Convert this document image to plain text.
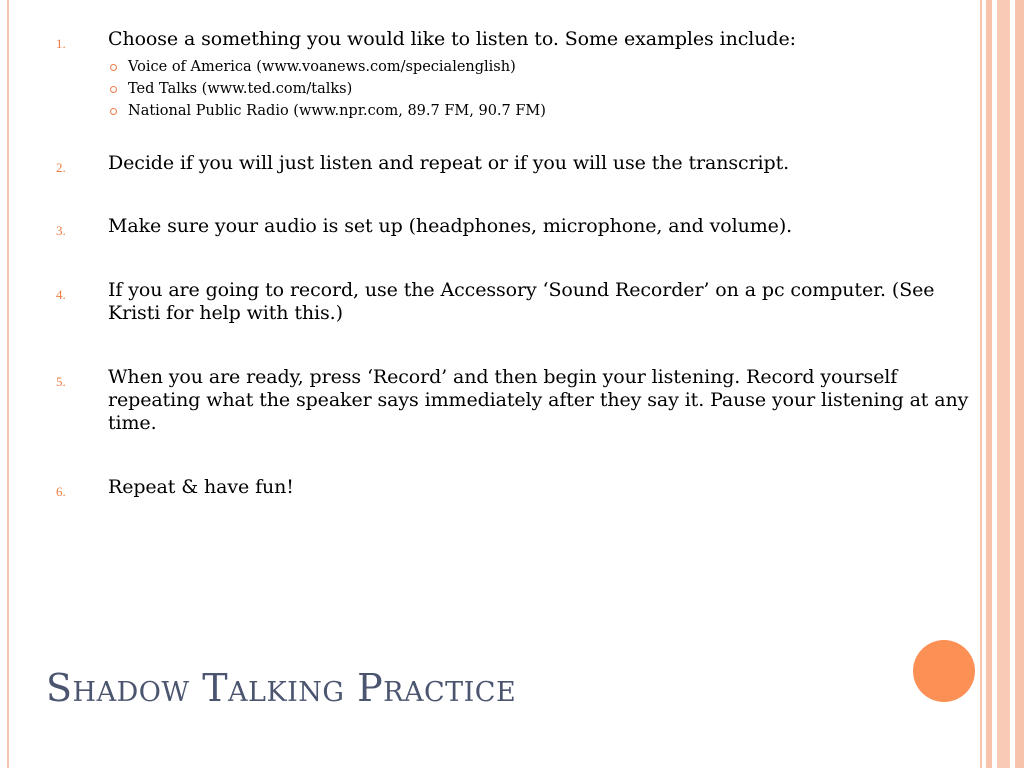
1. Choose a something you would like to listen to. Some examples include:
Voice of America (www.voanews.com/specialenglish)
Ted Talks (www.ted.com/talks)
National Public Radio (www.npr.com, 89.7 FM, 90.7 FM)
2. Decide if you will just listen and repeat or if you will use the transcript.
3. Make sure your audio is set up (headphones, microphone, and volume).
4. If you are going to record, use the Accessory ‘Sound Recorder’ on a pc computer. (See Kristi for help with this.)
5. When you are ready, press ‘Record’ and then begin your listening. Record yourself repeating what the speaker says immediately after they say it. Pause your listening at any time.
6. Repeat & have fun!
Shadow Talking Practice
